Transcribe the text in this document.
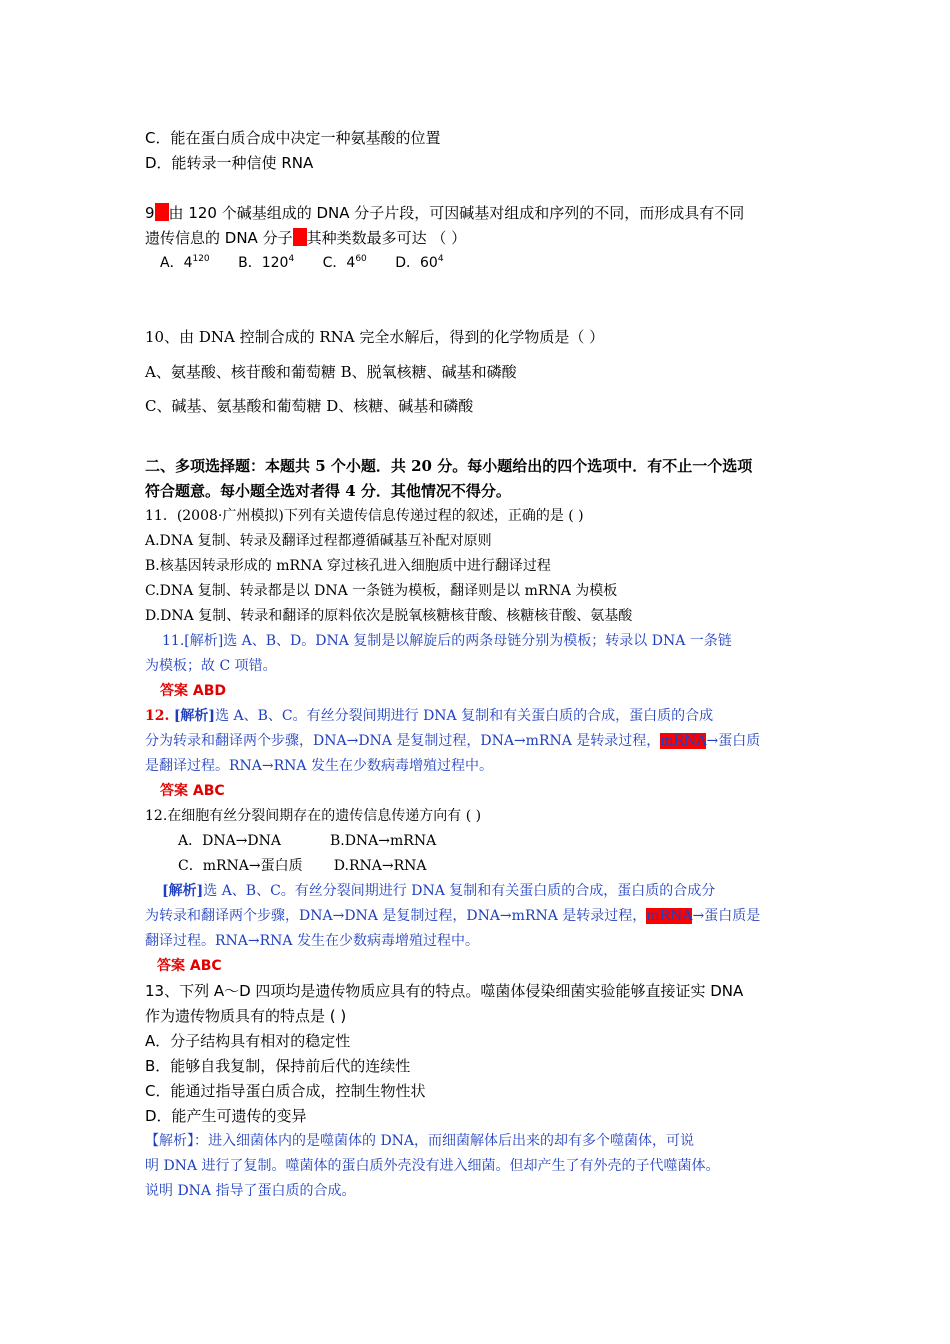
C．能在蛋白质合成中决定一种氨基酸的位置
D．能转录一种信使 RNA
9 由 120 个碱基组成的 DNA 分子片段，可因碱基对组成和序列的不同，而形成具有不同
遗传信息的 DNA 分子 其种类数最多可达 （ ）
A．$4^{120}$ B．$120^4$ C．$4^{60}$ D．$60^4$
10、由 DNA 控制合成的 RNA 完全水解后，得到的化学物质是（ ）
A、氨基酸、核苷酸和葡萄糖 B、脱氧核糖、碱基和磷酸
C、碱基、氨基酸和葡萄糖 D、核糖、碱基和磷酸
二、多项选择题：本题共 5 个小题．共 20 分。每小题给出的四个选项中．有不止一个选项
符合题意。每小题全选对者得 4 分．其他情况不得分。
11．(2008·广州模拟)下列有关遗传信息传递过程的叙述，正确的是 ( )
A.DNA 复制、转录及翻译过程都遵循碱基互补配对原则
B.核基因转录形成的 mRNA 穿过核孔进入细胞质中进行翻译过程
C.DNA 复制、转录都是以 DNA 一条链为模板，翻译则是以 mRNA 为模板
D.DNA 复制、转录和翻译的原料依次是脱氧核糖核苷酸、核糖核苷酸、氨基酸
11.[解析]选 A、B、D。DNA 复制是以解旋后的两条母链分别为模板；转录以 DNA 一条链
为模板；故 C 项错。
答案 ABD
12. [解析]选 A、B、C。有丝分裂间期进行 DNA 复制和有关蛋白质的合成，蛋白质的合成
分为转录和翻译两个步骤，DNA→DNA 是复制过程，DNA→mRNA 是转录过程，mRNA→蛋白质
是翻译过程。RNA→RNA 发生在少数病毒增殖过程中。
答案 ABC
12.在细胞有丝分裂间期存在的遗传信息传递方向有 ( )
A．DNA→DNA           B.DNA→mRNA
C．mRNA→蛋白质       D.RNA→RNA
[解析]选 A、B、C。有丝分裂间期进行 DNA 复制和有关蛋白质的合成，蛋白质的合成分
为转录和翻译两个步骤，DNA→DNA 是复制过程，DNA→mRNA 是转录过程，mRNA→蛋白质是
翻译过程。RNA→RNA 发生在少数病毒增殖过程中。
答案 ABC
13、下列 A～D 四项均是遗传物质应具有的特点。噬菌体侵染细菌实验能够直接证实 DNA
作为遗传物质具有的特点是 ( )
A．分子结构具有相对的稳定性
B．能够自我复制，保持前后代的连续性
C．能通过指导蛋白质合成，控制生物性状
D．能产生可遗传的变异
【解析】：进入细菌体内的是噬菌体的 DNA，而细菌解体后出来的却有多个噬菌体，可说
明 DNA 进行了复制。噬菌体的蛋白质外壳没有进入细菌。但却产生了有外壳的子代噬菌体。
说明 DNA 指导了蛋白质的合成。
